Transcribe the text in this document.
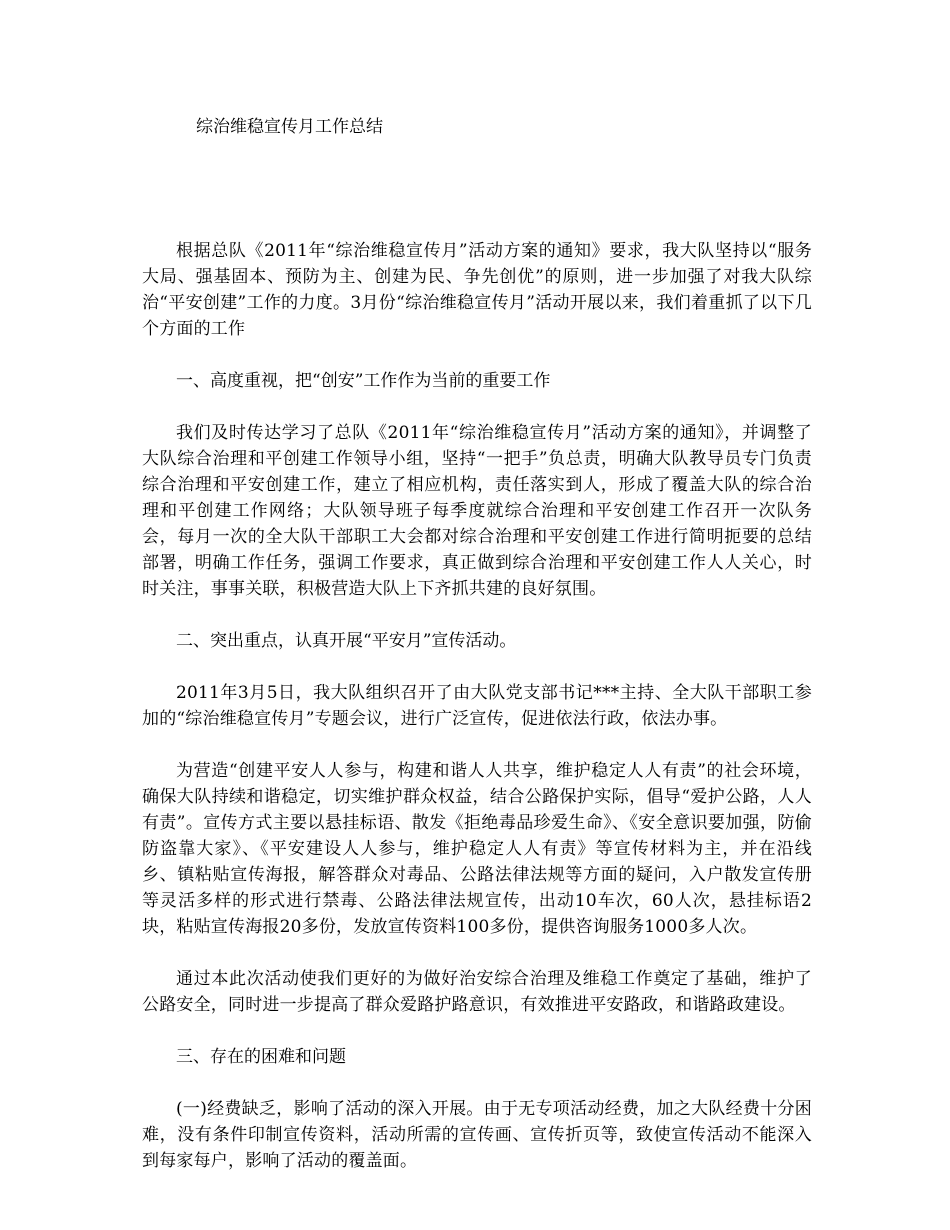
综治维稳宣传月工作总结

根据总队《2011年“综治维稳宣传月”活动方案的通知》要求，我大队坚持以“服务大局、强基固本、预防为主、创建为民、争先创优”的原则，进一步加强了对我大队综治“平安创建”工作的力度。3月份“综治维稳宣传月”活动开展以来，我们着重抓了以下几个方面的工作

一、高度重视，把“创安”工作作为当前的重要工作

我们及时传达学习了总队《2011年“综治维稳宣传月”活动方案的通知》，并调整了大队综合治理和平创建工作领导小组，坚持“一把手”负总责，明确大队教导员专门负责综合治理和平安创建工作，建立了相应机构，责任落实到人，形成了覆盖大队的综合治理和平创建工作网络；大队领导班子每季度就综合治理和平安创建工作召开一次队务会，每月一次的全大队干部职工大会都对综合治理和平安创建工作进行简明扼要的总结部署，明确工作任务，强调工作要求，真正做到综合治理和平安创建工作人人关心，时时关注，事事关联，积极营造大队上下齐抓共建的良好氛围。

二、突出重点，认真开展“平安月”宣传活动。

2011年3月5日，我大队组织召开了由大队党支部书记***主持、全大队干部职工参加的“综治维稳宣传月”专题会议，进行广泛宣传，促进依法行政，依法办事。

为营造“创建平安人人参与，构建和谐人人共享，维护稳定人人有责”的社会环境，确保大队持续和谐稳定，切实维护群众权益，结合公路保护实际，倡导“爱护公路，人人有责”。宣传方式主要以悬挂标语、散发《拒绝毒品珍爱生命》、《安全意识要加强，防偷防盗靠大家》、《平安建设人人参与，维护稳定人人有责》等宣传材料为主，并在沿线乡、镇粘贴宣传海报，解答群众对毒品、公路法律法规等方面的疑问，入户散发宣传册等灵活多样的形式进行禁毒、公路法律法规宣传，出动10车次，60人次，悬挂标语2块，粘贴宣传海报20多份，发放宣传资料100多份，提供咨询服务1000多人次。

通过本此次活动使我们更好的为做好治安综合治理及维稳工作奠定了基础，维护了公路安全，同时进一步提高了群众爱路护路意识，有效推进平安路政，和谐路政建设。

三、存在的困难和问题

(一)经费缺乏，影响了活动的深入开展。由于无专项活动经费，加之大队经费十分困难，没有条件印制宣传资料，活动所需的宣传画、宣传折页等，致使宣传活动不能深入到每家每户，影响了活动的覆盖面。
